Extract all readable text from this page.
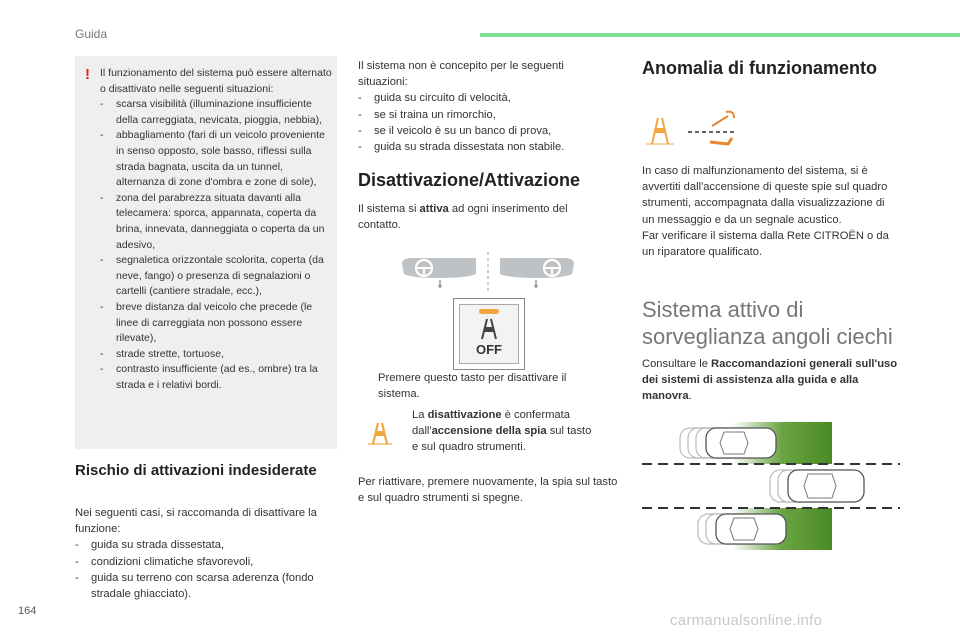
Guida
! Il funzionamento del sistema può essere alternato o disattivato nelle seguenti situazioni:

- scarsa visibilità (illuminazione insufficiente della carreggiata, nevicata, pioggia, nebbia),
- abbagliamento (fari di un veicolo proveniente in senso opposto, sole basso, riflessi sulla strada bagnata, uscita da un tunnel, alternanza di zone d'ombra e zone di sole),
- zona del parabrezza situata davanti alla telecamera: sporca, appannata, coperta da brina, innevata, danneggiata o coperta da un adesivo,
- segnaletica orizzontale scolorita, coperta (da neve, fango) o presenza di segnalazioni o cartelli (cantiere stradale, ecc.),
- breve distanza dal veicolo che precede (le linee di carreggiata non possono essere rilevate),
- strade strette, tortuose,
- contrasto insufficiente (ad es., ombre) tra la strada e i relativi bordi.
Rischio di attivazioni indesiderate

Nei seguenti casi, si raccomanda di disattivare la funzione:

- guida su strada dissestata,
- condizioni climatiche sfavorevoli,
- guida su terreno con scarsa aderenza (fondo stradale ghiacciato).

Il sistema non è concepito per le seguenti situazioni:

- guida su circuito di velocità,
- se si traina un rimorchio,
- se il veicolo è su un banco di prova,
- guida su strada dissestata non stabile.
Disattivazione/Attivazione
Il sistema si attiva ad ogni inserimento del contatto.
OFF
Premere questo tasto per disattivare il sistema.
La disattivazione è confermata dall'accensione della spia sul tasto e sul quadro strumenti.
Per riattivare, premere nuovamente, la spia sul tasto e sul quadro strumenti si spegne.
Anomalia di funzionamento

In caso di malfunzionamento del sistema, si è avvertiti dall'accensione di queste spie sul quadro strumenti, accompagnata dalla visualizzazione di un messaggio e da un segnale acustico.

Far verificare il sistema dalla Rete CITROËN o da un riparatore qualificato.

Sistema attivo di sorveglianza angoli ciechi
Consultare le Raccomandazioni generali sull'uso dei sistemi di assistenza alla guida e alla manovra.
164
carmanualsonline.info
